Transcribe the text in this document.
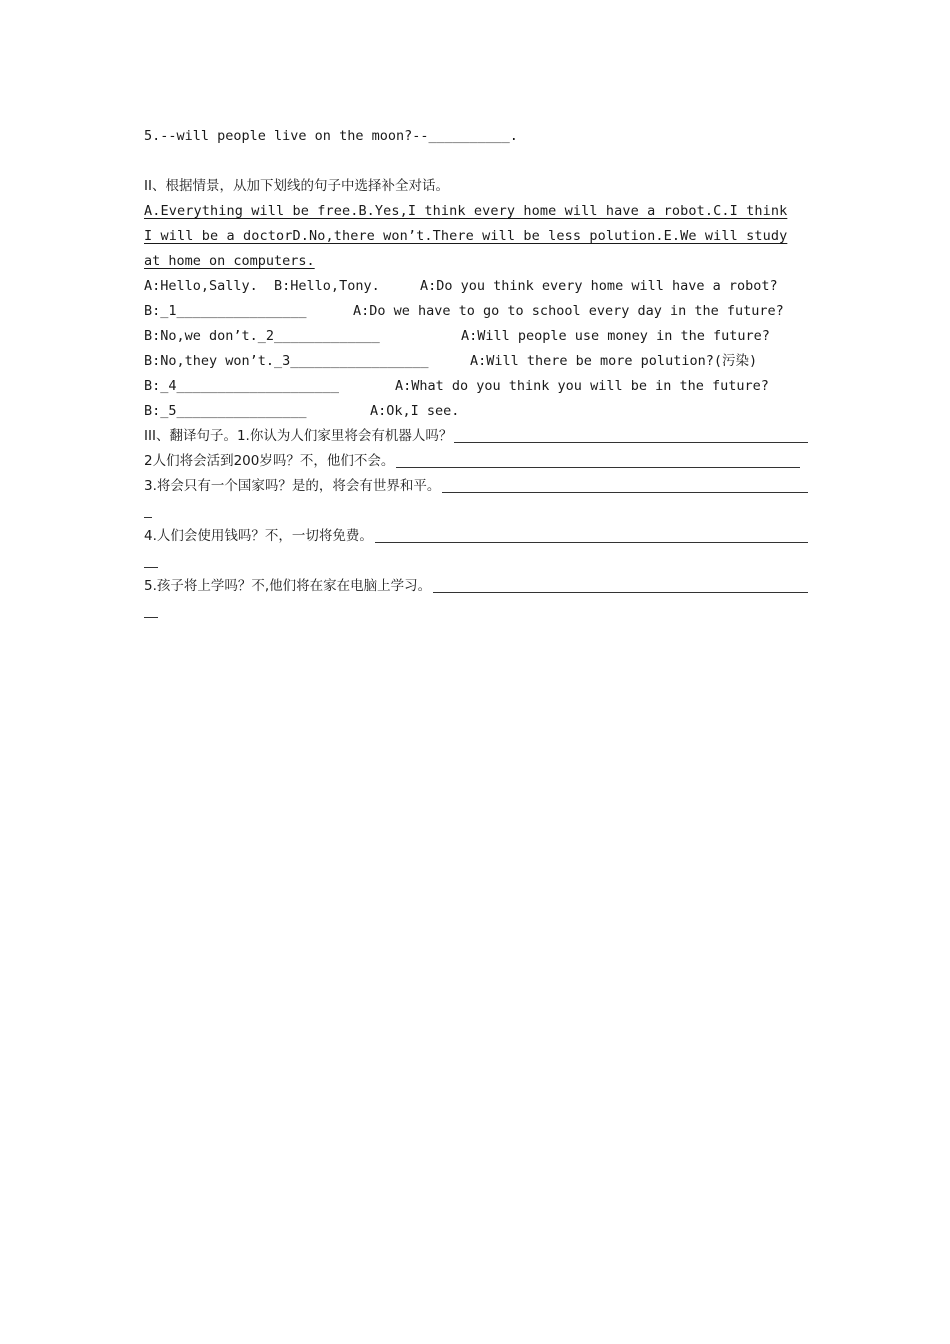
5.--will people live on the moon?--__________.

II、根据情景，从加下划线的句子中选择补全对话。
A.Everything will be free.B.Yes,I think every home will have a robot.C.I think
I will be a doctorD.No,there won’t.There will be less polution.E.We will study
at home on computers.
A:Hello,Sally.  B:Hello,Tony.	A:Do you think every home will have a robot?
B:_1________________	A:Do we have to go to school every day in the future?
B:No,we don’t._2_____________	A:Will people use money in the future?
B:No,they won’t._3_________________	A:Will there be more polution?(污染)
B:_4____________________	A:What do you think you will be in the future?
B:_5________________	A:Ok,I see.
III、翻译句子。1.你认为人们家里将会有机器人吗？
2人们将会活到200岁吗？不，他们不会。
3.将会只有一个国家吗？是的，将会有世界和平。
4.人们会使用钱吗？不，一切将免费。
5.孩子将上学吗？不,他们将在家在电脑上学习。
